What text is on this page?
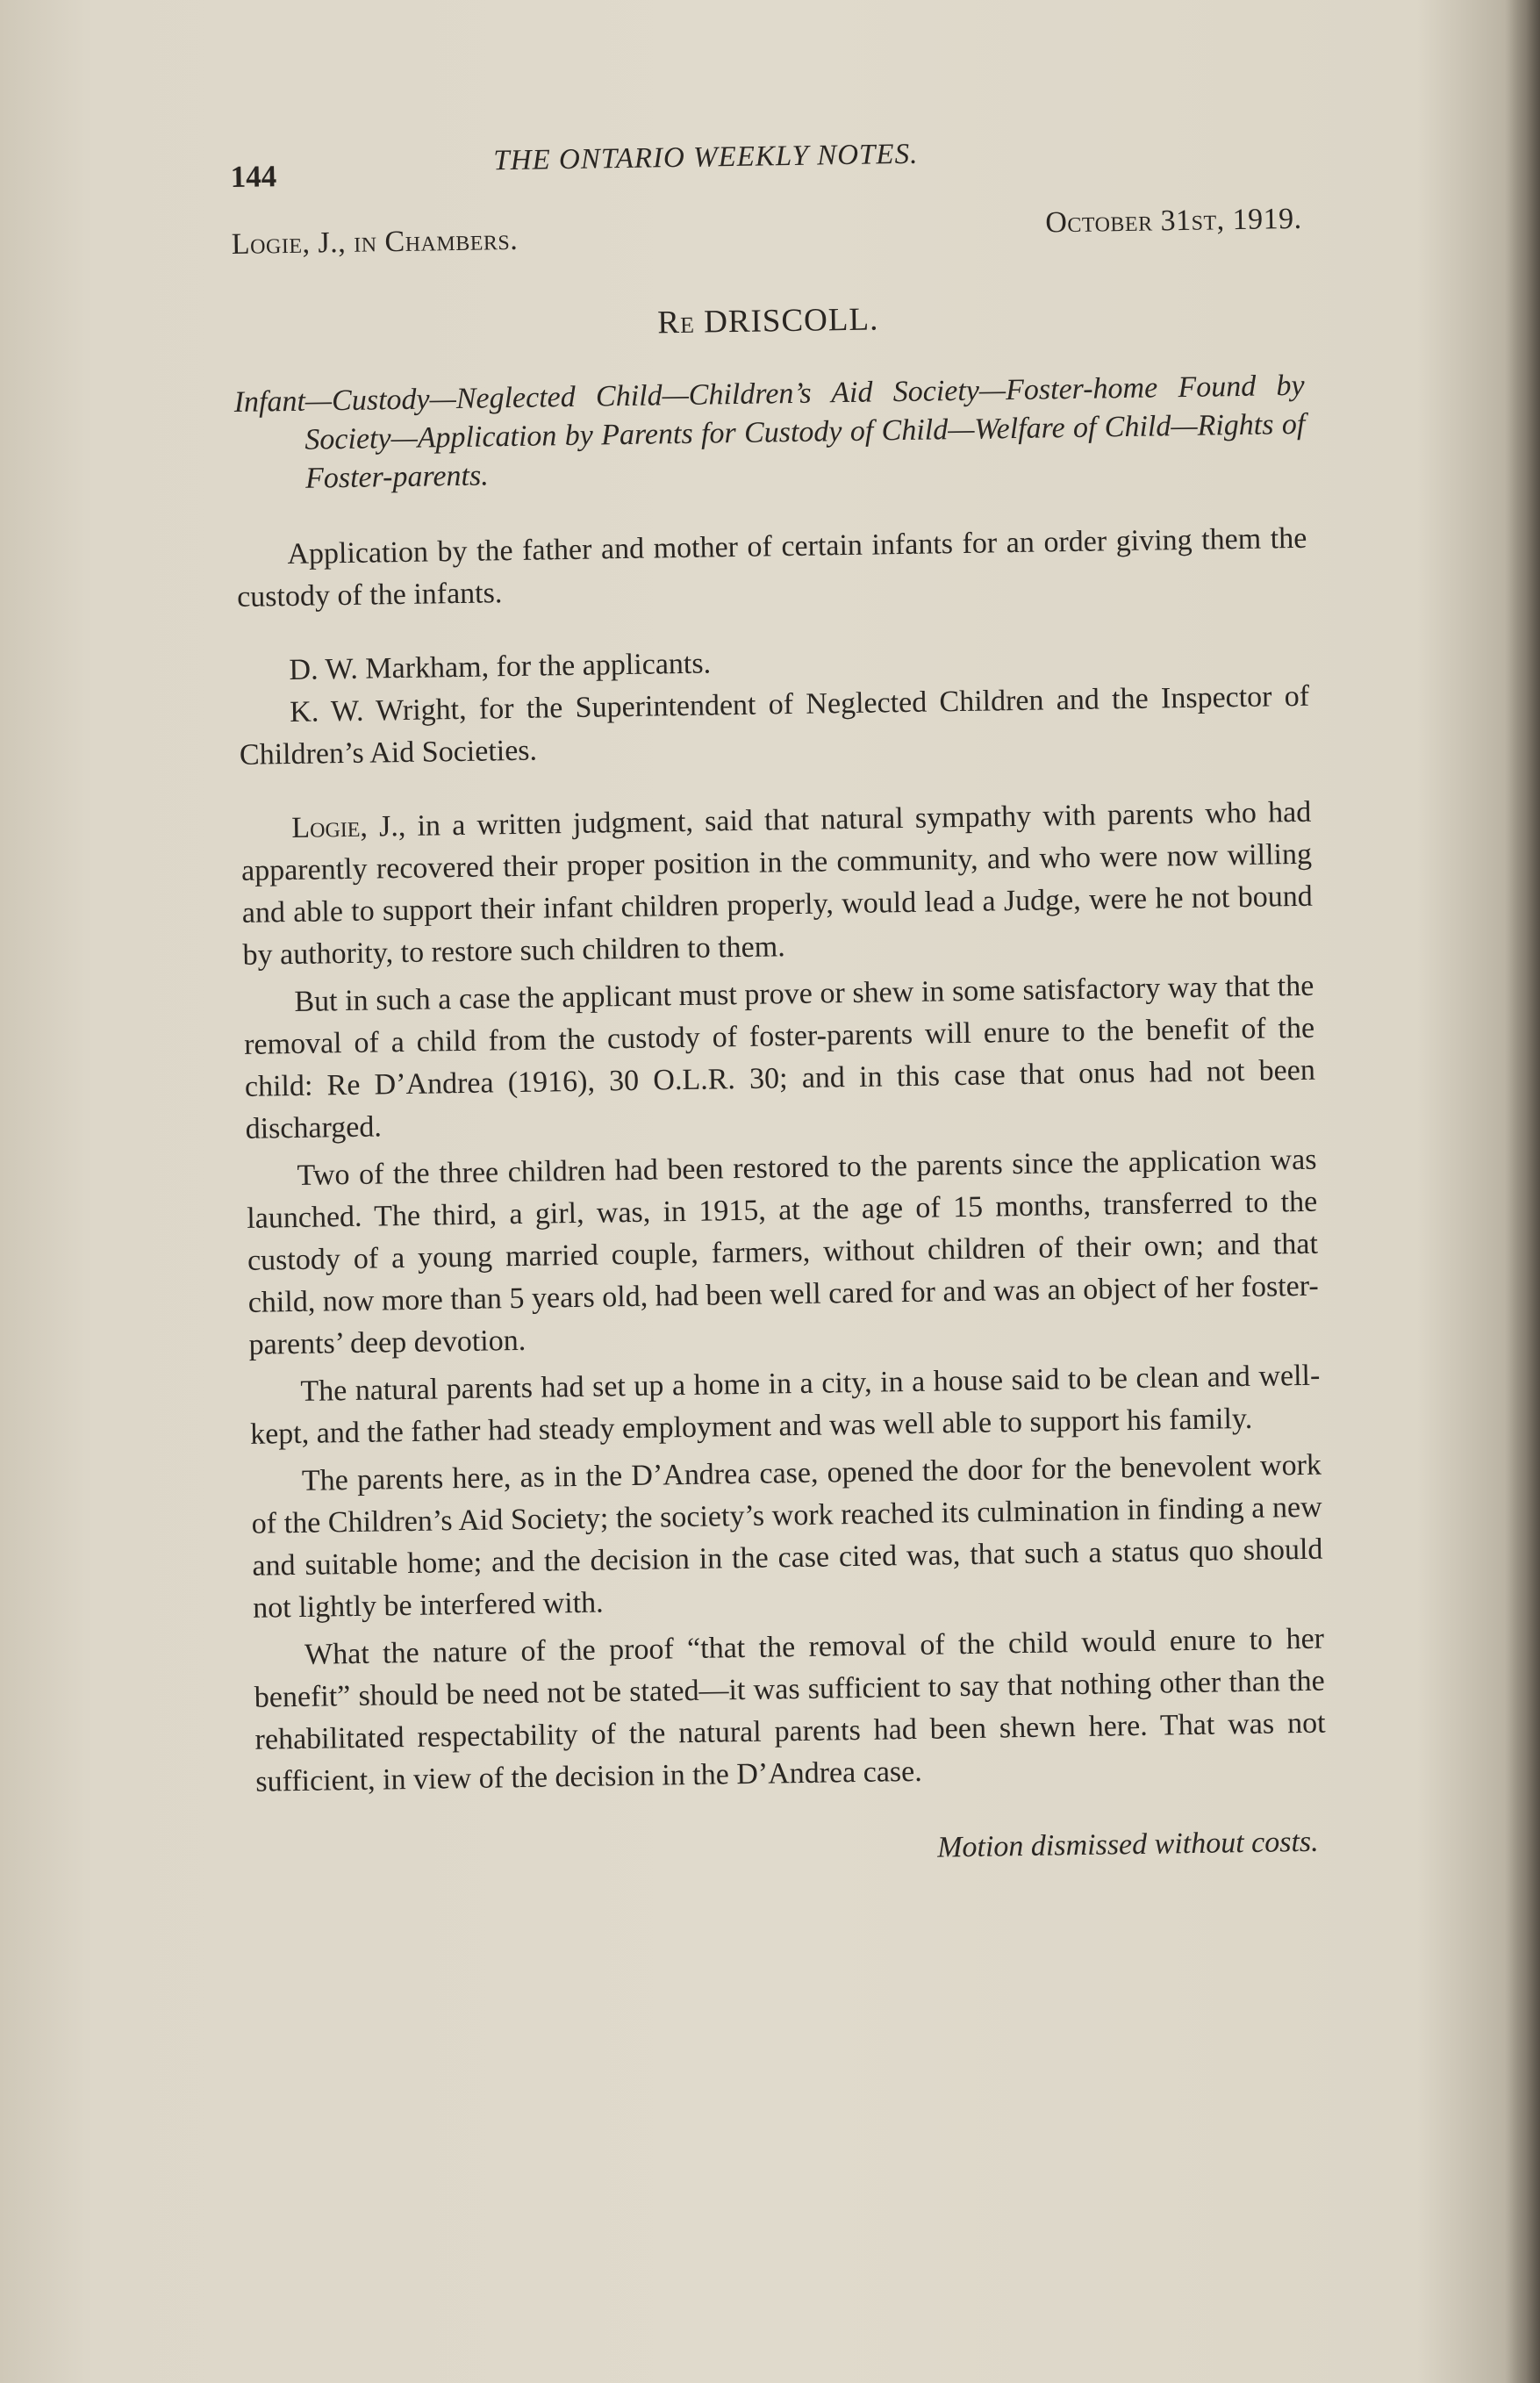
144	THE ONTARIO WEEKLY NOTES.
Logie, J., in Chambers.
October 31st, 1919.
Re DRISCOLL.
Infant—Custody—Neglected Child—Children’s Aid Society—Foster-home Found by Society—Application by Parents for Custody of Child—Welfare of Child—Rights of Foster-parents.

Application by the father and mother of certain infants for an order giving them the custody of the infants.

D. W. Markham, for the applicants.

K. W. Wright, for the Superintendent of Neglected Children and the Inspector of Children’s Aid Societies.

Logie, J., in a written judgment, said that natural sympathy with parents who had apparently recovered their proper position in the community, and who were now willing and able to support their infant children properly, would lead a Judge, were he not bound by authority, to restore such children to them.

But in such a case the applicant must prove or shew in some satisfactory way that the removal of a child from the custody of foster-parents will enure to the benefit of the child: Re D’Andrea (1916), 30 O.L.R. 30; and in this case that onus had not been discharged.

Two of the three children had been restored to the parents since the application was launched. The third, a girl, was, in 1915, at the age of 15 months, transferred to the custody of a young married couple, farmers, without children of their own; and that child, now more than 5 years old, had been well cared for and was an object of her foster-parents’ deep devotion.

The natural parents had set up a home in a city, in a house said to be clean and well-kept, and the father had steady employment and was well able to support his family.

The parents here, as in the D’Andrea case, opened the door for the benevolent work of the Children’s Aid Society; the society’s work reached its culmination in finding a new and suitable home; and the decision in the case cited was, that such a status quo should not lightly be interfered with.

What the nature of the proof “that the removal of the child would enure to her benefit” should be need not be stated—it was sufficient to say that nothing other than the rehabilitated respectability of the natural parents had been shewn here. That was not sufficient, in view of the decision in the D’Andrea case.

Motion dismissed without costs.
